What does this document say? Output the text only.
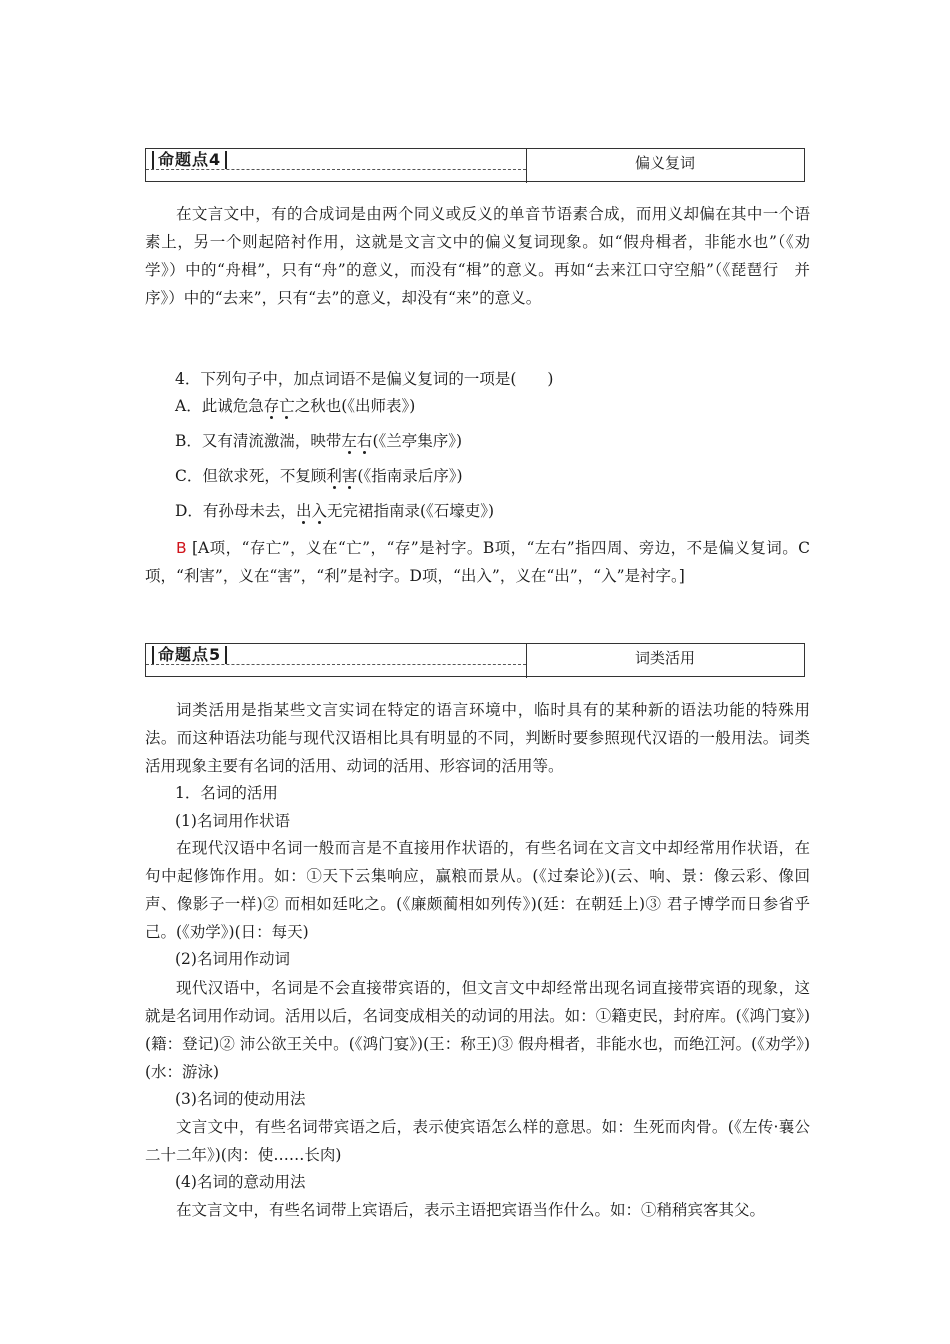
命题点4	偏义复词
在文言文中，有的合成词是由两个同义或反义的单音节语素合成，而用义却偏在其中一个语素上，另一个则起陪衬作用，这就是文言文中的偏义复词现象。如“假舟楫者，非能水也”（《劝学》）中的“舟楫”，只有“舟”的意义，而没有“楫”的意义。再如“去来江口守空船”（《琵琶行　并序》）中的“去来”，只有“去”的意义，却没有“来”的意义。
4．下列句子中，加点词语不是偏义复词的一项是(　　)
A．此诚危急存亡之秋也(《出师表》)
B．又有清流激湍，映带左右(《兰亭集序》)
C．但欲求死，不复顾利害(《指南录后序》)
D．有孙母未去，出入无完裙指南录(《石壕吏》)
B [A项，“存亡”，义在“亡”，“存”是衬字。B项，“左右”指四周、旁边，不是偏义复词。C项，“利害”，义在“害”，“利”是衬字。D项，“出入”，义在“出”，“入”是衬字。]
命题点5	词类活用
词类活用是指某些文言实词在特定的语言环境中，临时具有的某种新的语法功能的特殊用法。而这种语法功能与现代汉语相比具有明显的不同，判断时要参照现代汉语的一般用法。词类活用现象主要有名词的活用、动词的活用、形容词的活用等。
1．名词的活用
(1)名词用作状语
在现代汉语中名词一般而言是不直接用作状语的，有些名词在文言文中却经常用作状语，在句中起修饰作用。如：①天下云集响应，赢粮而景从。(《过秦论》)(云、响、景：像云彩、像回声、像影子一样)② 而相如廷叱之。(《廉颇蔺相如列传》)(廷：在朝廷上)③ 君子博学而日参省乎己。(《劝学》)(日：每天)
(2)名词用作动词
现代汉语中，名词是不会直接带宾语的，但文言文中却经常出现名词直接带宾语的现象，这就是名词用作动词。活用以后，名词变成相关的动词的用法。如：①籍吏民，封府库。(《鸿门宴》)(籍：登记)② 沛公欲王关中。(《鸿门宴》)(王：称王)③ 假舟楫者，非能水也，而绝江河。(《劝学》)(水：游泳)
(3)名词的使动用法
文言文中，有些名词带宾语之后，表示使宾语怎么样的意思。如：生死而肉骨。(《左传·襄公二十二年》)(肉：使……长肉)
(4)名词的意动用法
在文言文中，有些名词带上宾语后，表示主语把宾语当作什么。如：①稍稍宾客其父。
